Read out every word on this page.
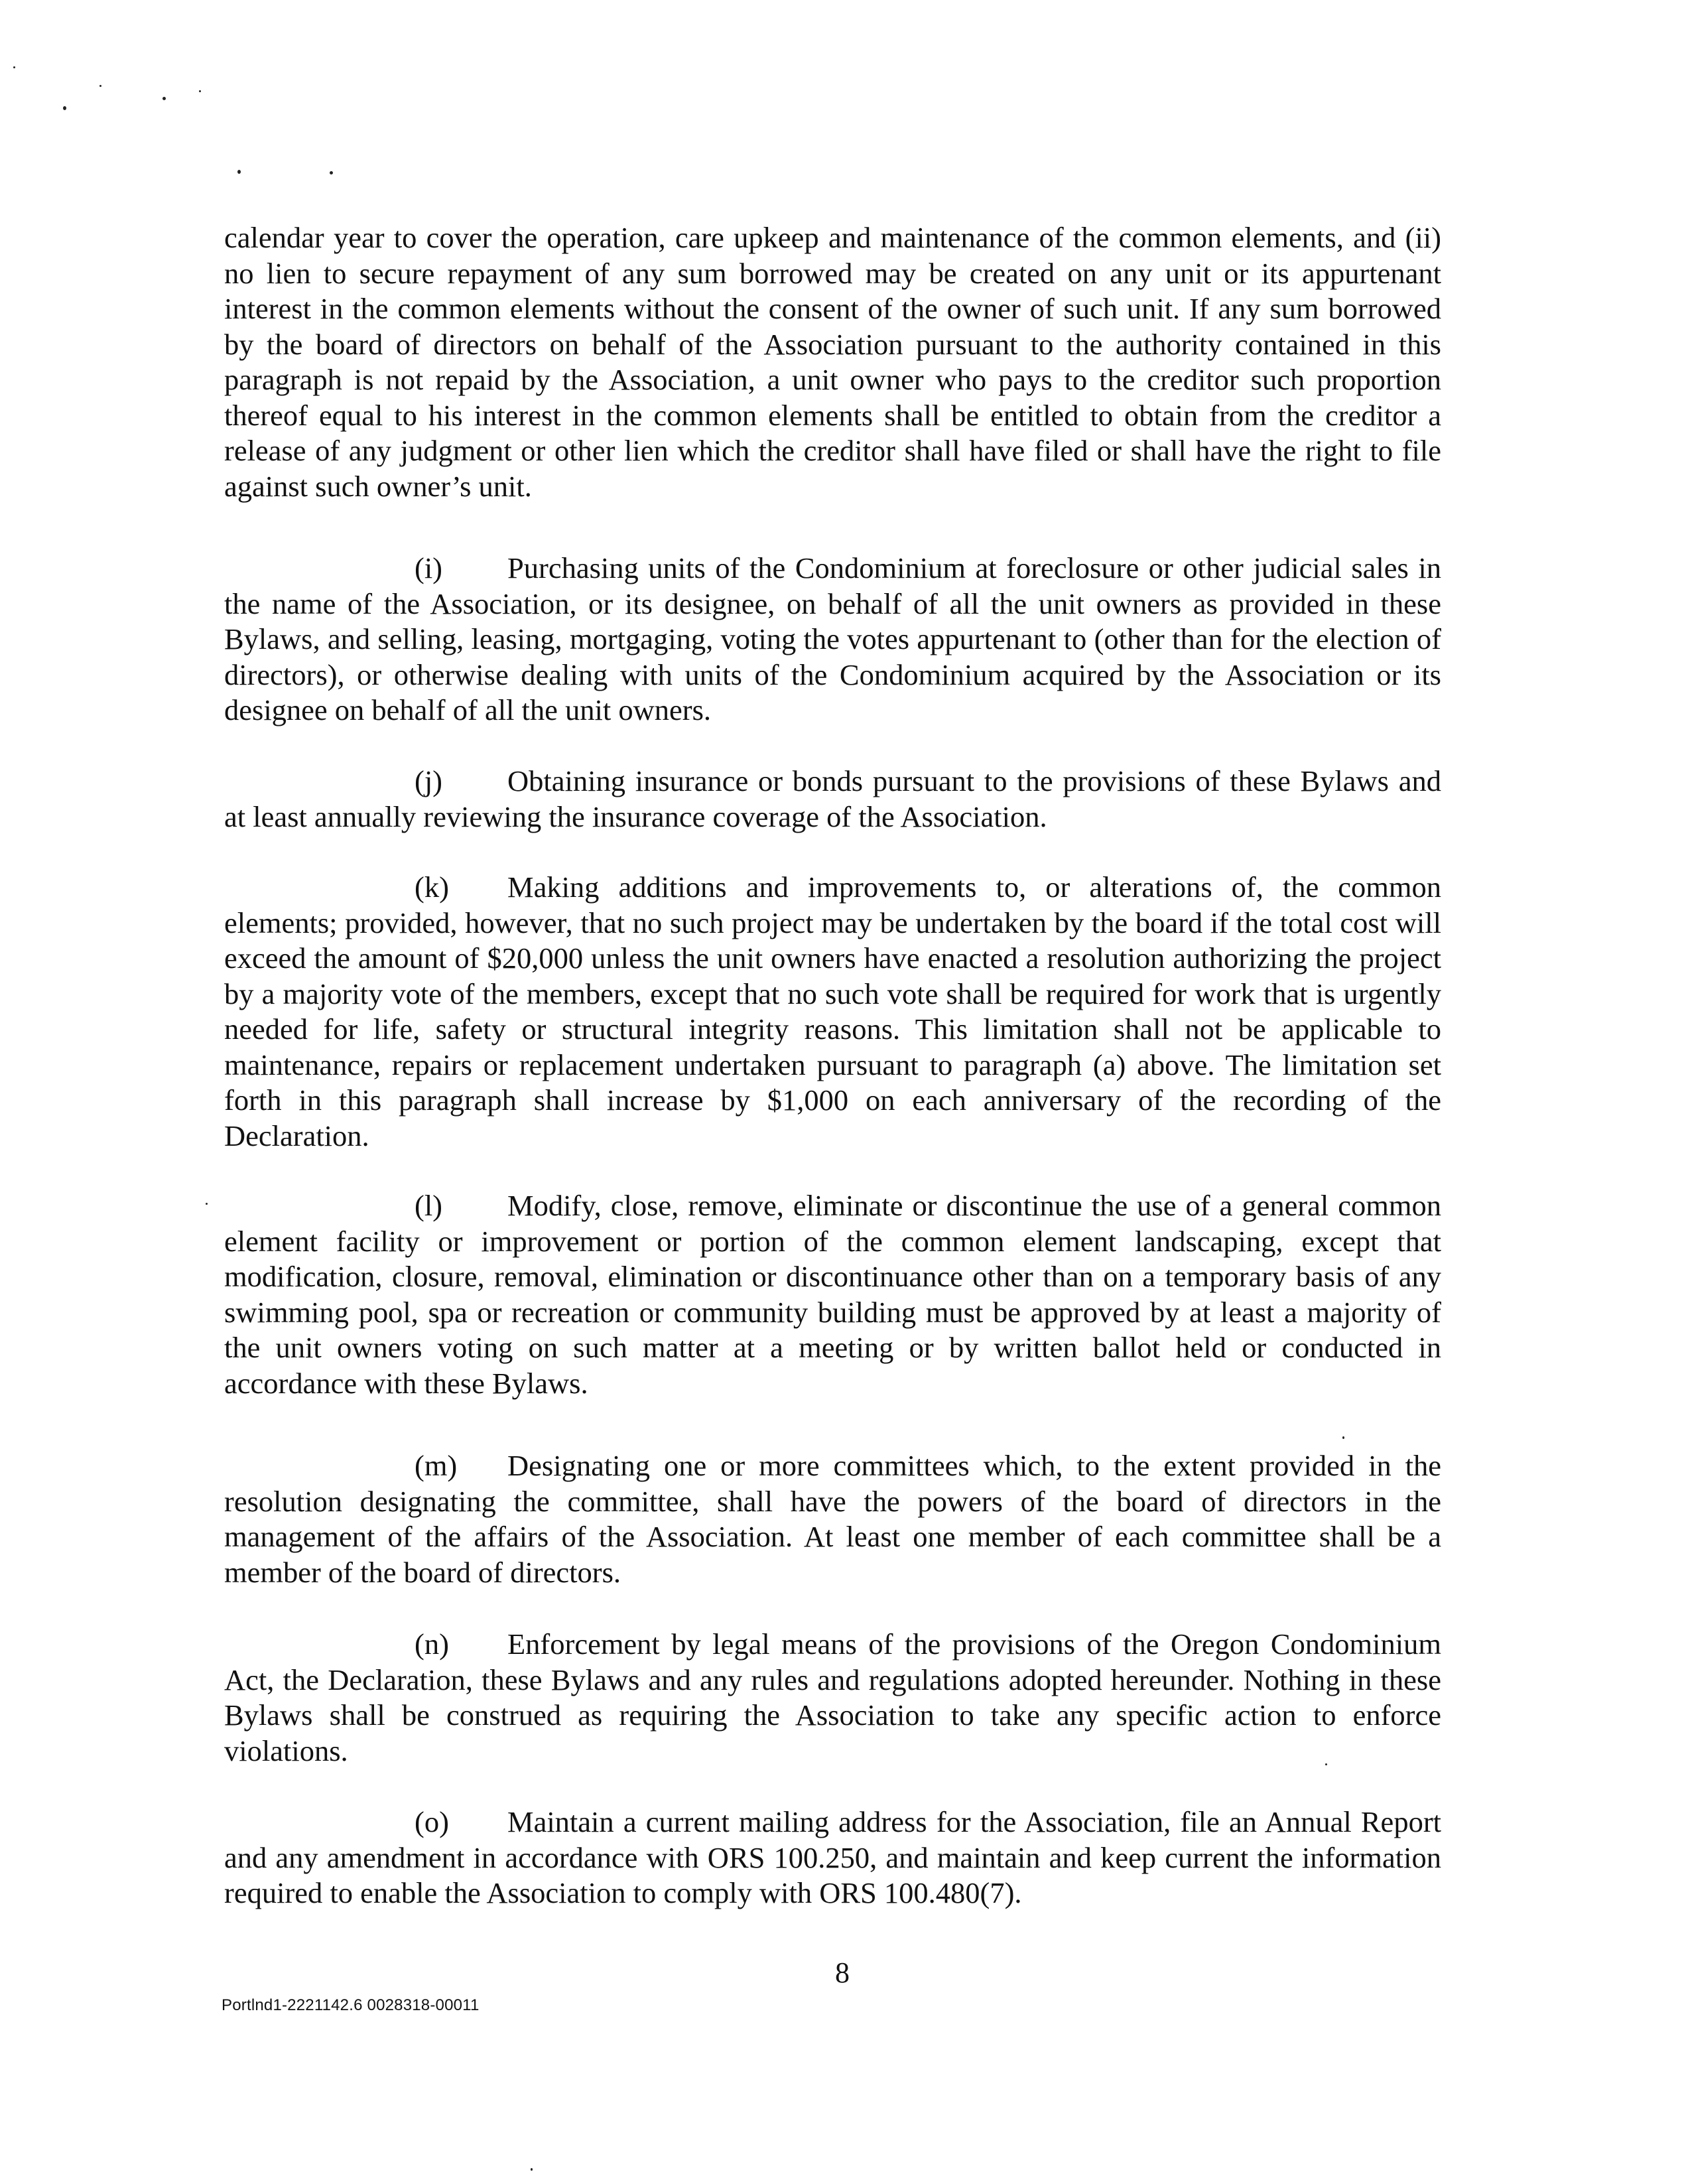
calendar year to cover the operation, care upkeep and maintenance of the common elements, and (ii) no lien to secure repayment of any sum borrowed may be created on any unit or its appurtenant interest in the common elements without the consent of the owner of such unit. If any sum borrowed by the board of directors on behalf of the Association pursuant to the authority contained in this paragraph is not repaid by the Association, a unit owner who pays to the creditor such proportion thereof equal to his interest in the common elements shall be entitled to obtain from the creditor a release of any judgment or other lien which the creditor shall have filed or shall have the right to file against such owner’s unit.
(i) Purchasing units of the Condominium at foreclosure or other judicial sales in the name of the Association, or its designee, on behalf of all the unit owners as provided in these Bylaws, and selling, leasing, mortgaging, voting the votes appurtenant to (other than for the election of directors), or otherwise dealing with units of the Condominium acquired by the Association or its designee on behalf of all the unit owners.
(j) Obtaining insurance or bonds pursuant to the provisions of these Bylaws and at least annually reviewing the insurance coverage of the Association.
(k) Making additions and improvements to, or alterations of, the common elements; provided, however, that no such project may be undertaken by the board if the total cost will exceed the amount of $20,000 unless the unit owners have enacted a resolution authorizing the project by a majority vote of the members, except that no such vote shall be required for work that is urgently needed for life, safety or structural integrity reasons. This limitation shall not be applicable to maintenance, repairs or replacement undertaken pursuant to paragraph (a) above. The limitation set forth in this paragraph shall increase by $1,000 on each anniversary of the recording of the Declaration.
(l) Modify, close, remove, eliminate or discontinue the use of a general common element facility or improvement or portion of the common element landscaping, except that modification, closure, removal, elimination or discontinuance other than on a temporary basis of any swimming pool, spa or recreation or community building must be approved by at least a majority of the unit owners voting on such matter at a meeting or by written ballot held or conducted in accordance with these Bylaws.
(m) Designating one or more committees which, to the extent provided in the resolution designating the committee, shall have the powers of the board of directors in the management of the affairs of the Association. At least one member of each committee shall be a member of the board of directors.
(n) Enforcement by legal means of the provisions of the Oregon Condominium Act, the Declaration, these Bylaws and any rules and regulations adopted hereunder. Nothing in these Bylaws shall be construed as requiring the Association to take any specific action to enforce violations.
(o) Maintain a current mailing address for the Association, file an Annual Report and any amendment in accordance with ORS 100.250, and maintain and keep current the information required to enable the Association to comply with ORS 100.480(7).
8
Portlnd1-2221142.6 0028318-00011
